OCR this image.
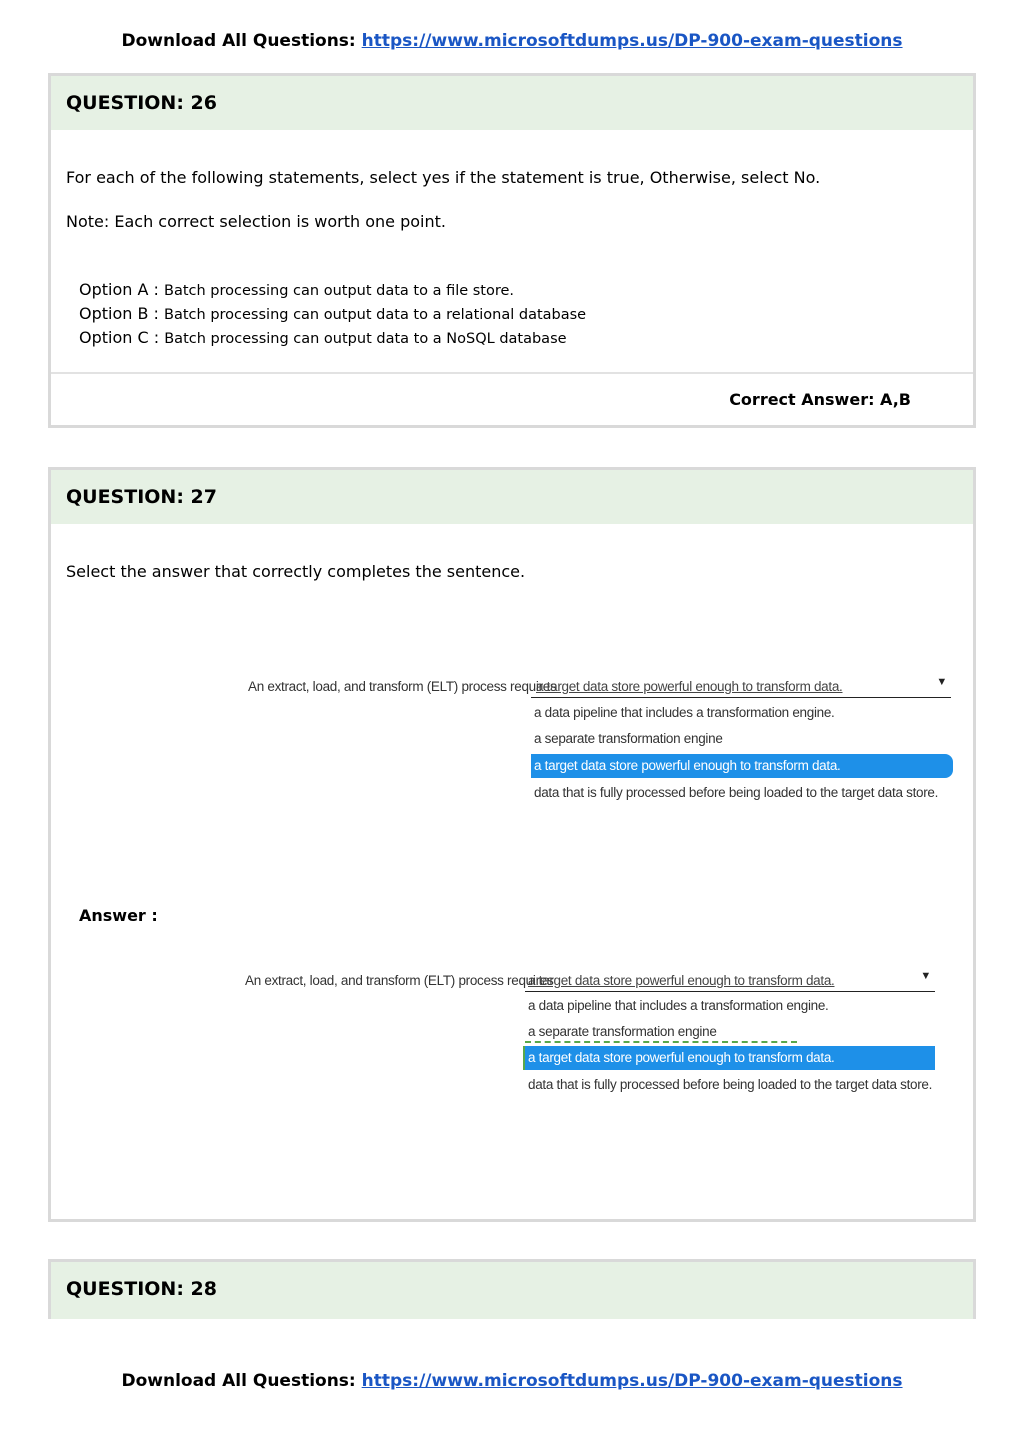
Download All Questions: https://www.microsoftdumps.us/DP-900-exam-questions
QUESTION: 26
For each of the following statements, select yes if the statement is true, Otherwise, select No.
Note: Each correct selection is worth one point.
Option A : Batch processing can output data to a file store.
Option B : Batch processing can output data to a relational database
Option C : Batch processing can output data to a NoSQL database
Correct Answer: A,B
QUESTION: 27
Select the answer that correctly completes the sentence.
An extract, load, and transform (ELT) process requires
a target data store powerful enough to transform data.	▼
a data pipeline that includes a transformation engine.
a separate transformation engine
a target data store powerful enough to transform data.
data that is fully processed before being loaded to the target data store.
Answer :
An extract, load, and transform (ELT) process requires
a target data store powerful enough to transform data.	▼
a data pipeline that includes a transformation engine.
a separate transformation engine
a target data store powerful enough to transform data.
data that is fully processed before being loaded to the target data store.
QUESTION: 28
Download All Questions: https://www.microsoftdumps.us/DP-900-exam-questions
